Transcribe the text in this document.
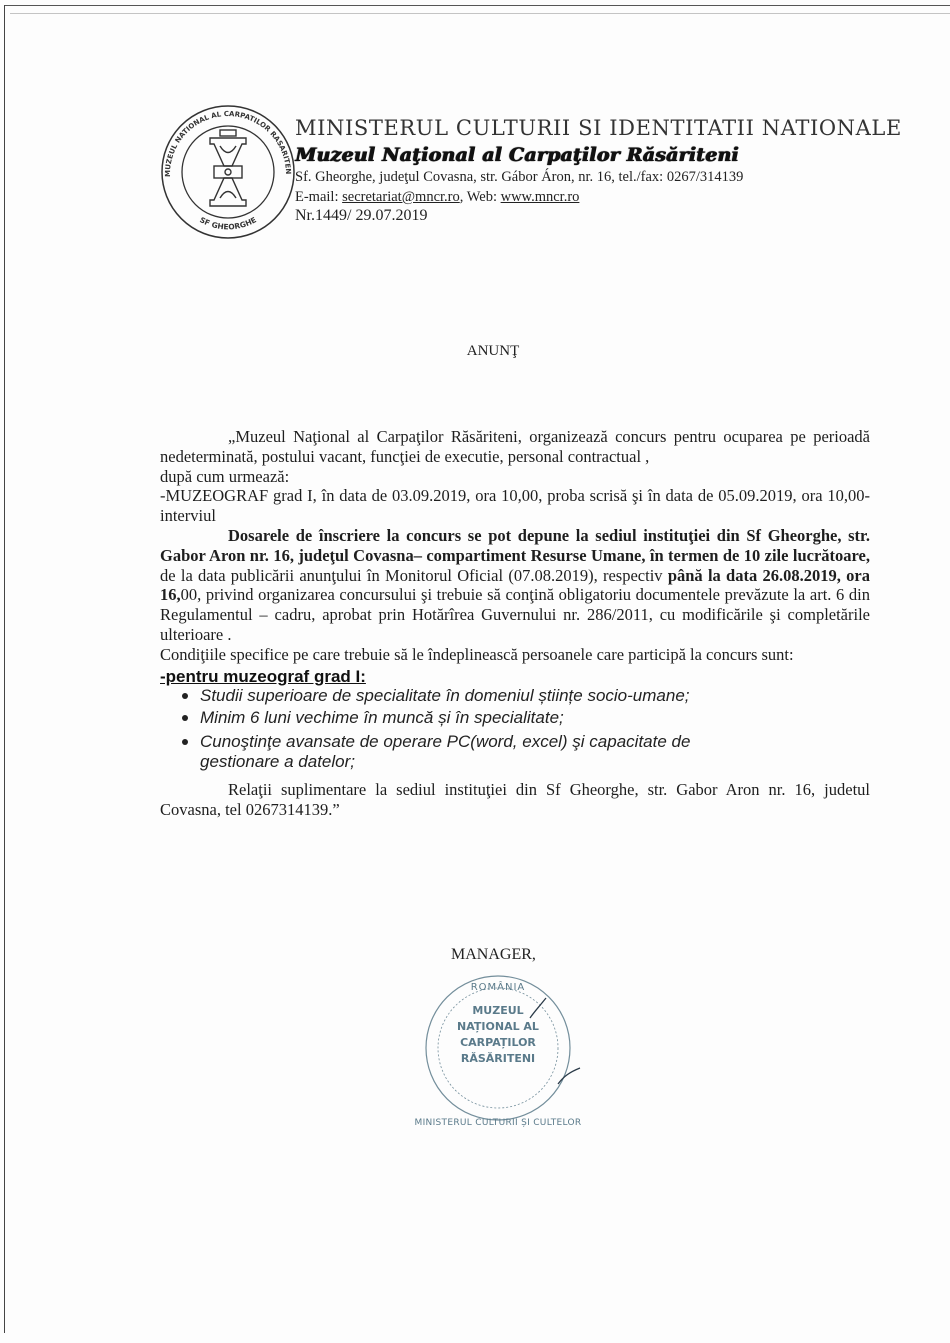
MUZEUL NATIONAL AL CARPATILOR RASARITEN
SF GHEORGHE
MINISTERUL CULTURII SI IDENTITATII NATIONALE
Muzeul Naţional al Carpaţilor Răsăriteni
Sf. Gheorghe, judeţul Covasna, str. Gábor Áron, nr. 16, tel./fax: 0267/314139
E-mail: secretariat@mncr.ro, Web: www.mncr.ro
Nr.1449/ 29.07.2019
ANUNŢ
„Muzeul Naţional al Carpaţilor Răsăriteni, organizează concurs pentru ocuparea pe perioadă nedeterminată, postului vacant, funcţiei de executie, personal contractual ,
după cum urmează:
-MUZEOGRAF grad I, în data de 03.09.2019, ora 10,00, proba scrisă şi în data de 05.09.2019, ora 10,00- interviul
Dosarele de înscriere la concurs se pot depune la sediul instituţiei din Sf Gheorghe, str. Gabor Aron nr. 16, judeţul Covasna– compartiment Resurse Umane, în termen de 10 zile lucrătoare, de la data publicării anunţului în Monitorul Oficial (07.08.2019), respectiv până la data 26.08.2019, ora 16,00, privind organizarea concursului şi trebuie să conţină obligatoriu documentele prevăzute la art. 6 din Regulamentul – cadru, aprobat prin Hotărîrea Guvernului nr. 286/2011, cu modificările şi completările ulterioare .
Condiţiile specifice pe care trebuie să le îndeplinească persoanele care participă la concurs sunt:
-pentru muzeograf grad I:
Studii superioare de specialitate în domeniul științe socio-umane;
Minim 6 luni vechime în muncă și în specialitate;
Cunoştinţe avansate de operare PC(word, excel) şi capacitate de gestionare a datelor;
Relaţii suplimentare la sediul instituţiei din Sf Gheorghe, str. Gabor Aron nr. 16, judetul Covasna, tel 0267314139.”
MANAGER,
ROMÂNIA
MUZEUL
NAȚIONAL AL
CARPAȚILOR
RĂSĂRITENI
MINISTERUL CULTURII ȘI CULTELOR
